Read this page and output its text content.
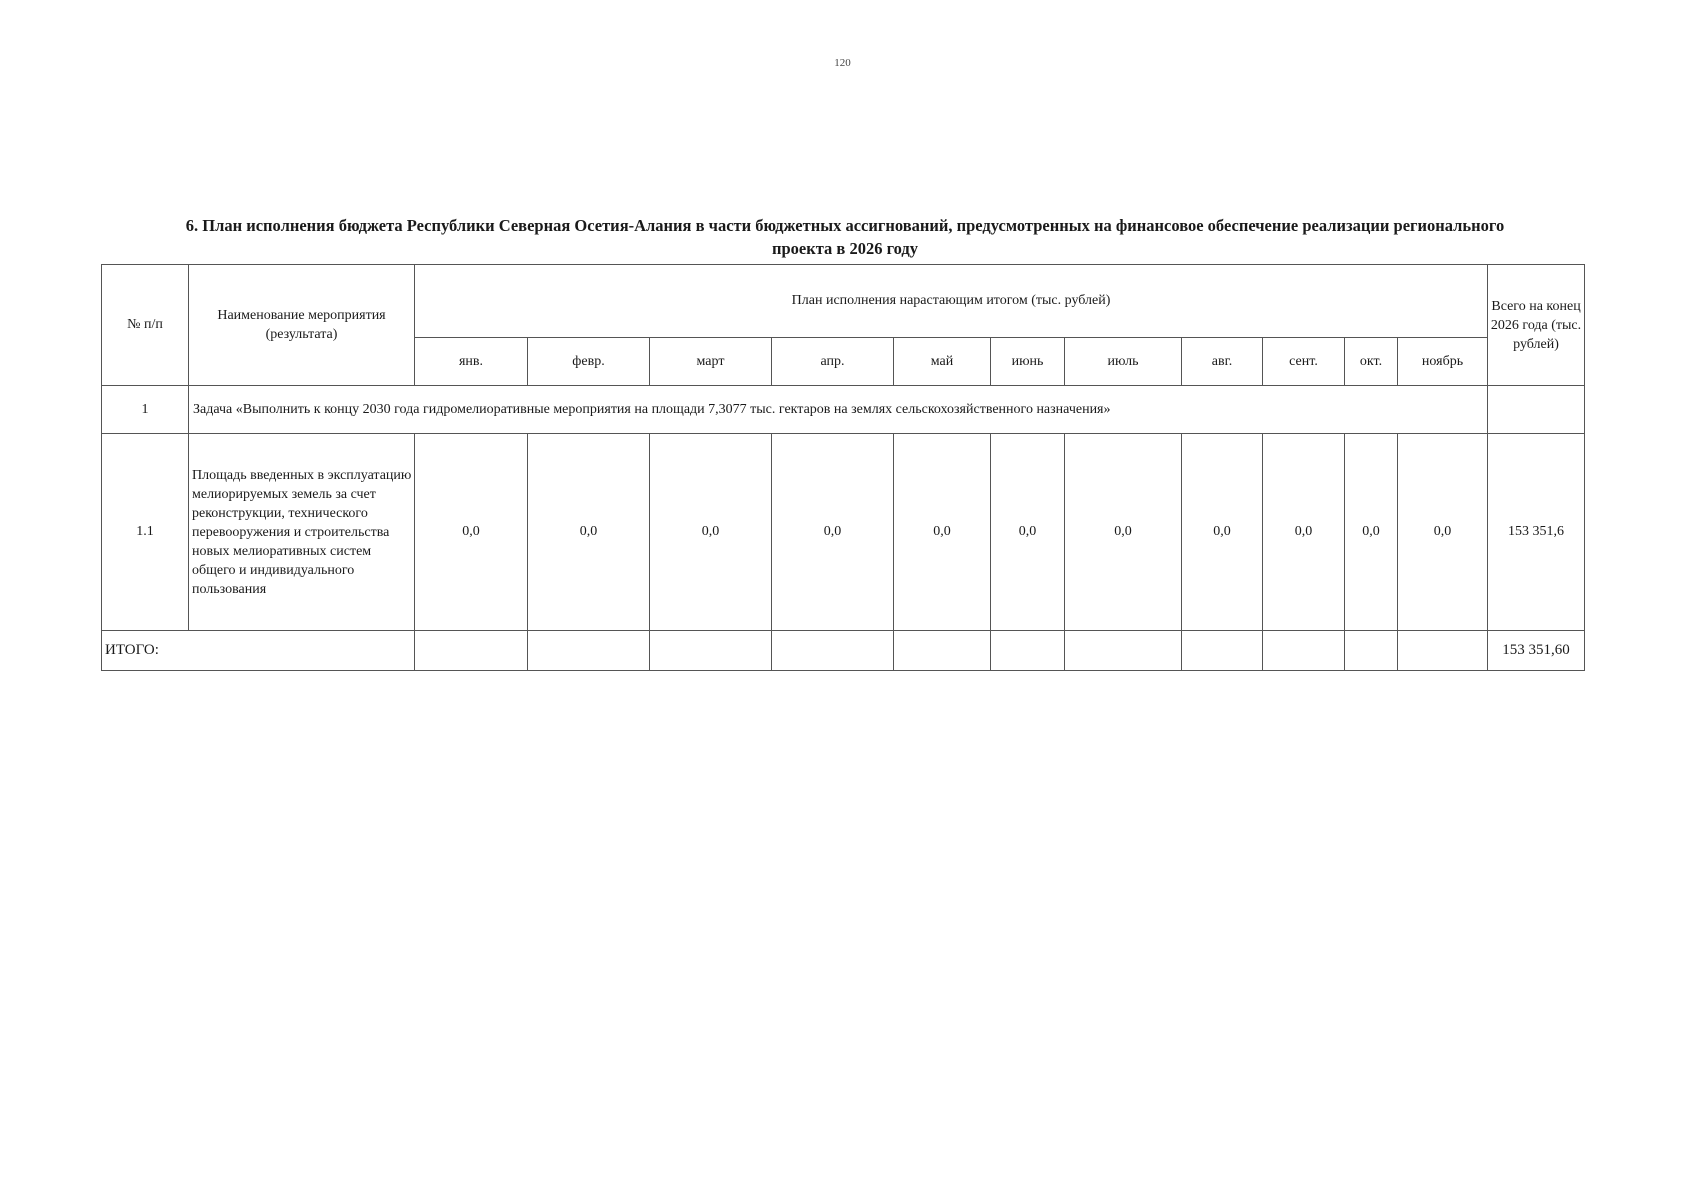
120
6. План исполнения бюджета Республики Северная Осетия-Алания в части бюджетных ассигнований, предусмотренных на финансовое обеспечение реализации регионального
проекта в 2026 году
№ п/п	Наименование мероприятия (результата)	План исполнения нарастающим итогом (тыс. рублей)											Всего на конец 2026 года (тыс. рублей)
		янв.	февр.	март	апр.	май	июнь	июль	авг.	сент.	окт.	ноябрь	
1	Задача «Выполнить к концу 2030 года гидромелиоративные мероприятия на площади 7,3077 тыс. гектаров на землях сельскохозяйственного назначения»												
1.1	Площадь введенных в эксплуатацию мелиорируемых земель за счет реконструкции, технического перевооружения и строительства новых мелиоративных систем общего и индивидуального пользования	0,0	0,0	0,0	0,0	0,0	0,0	0,0	0,0	0,0	0,0	0,0	153 351,6
ИТОГО:													153 351,60
